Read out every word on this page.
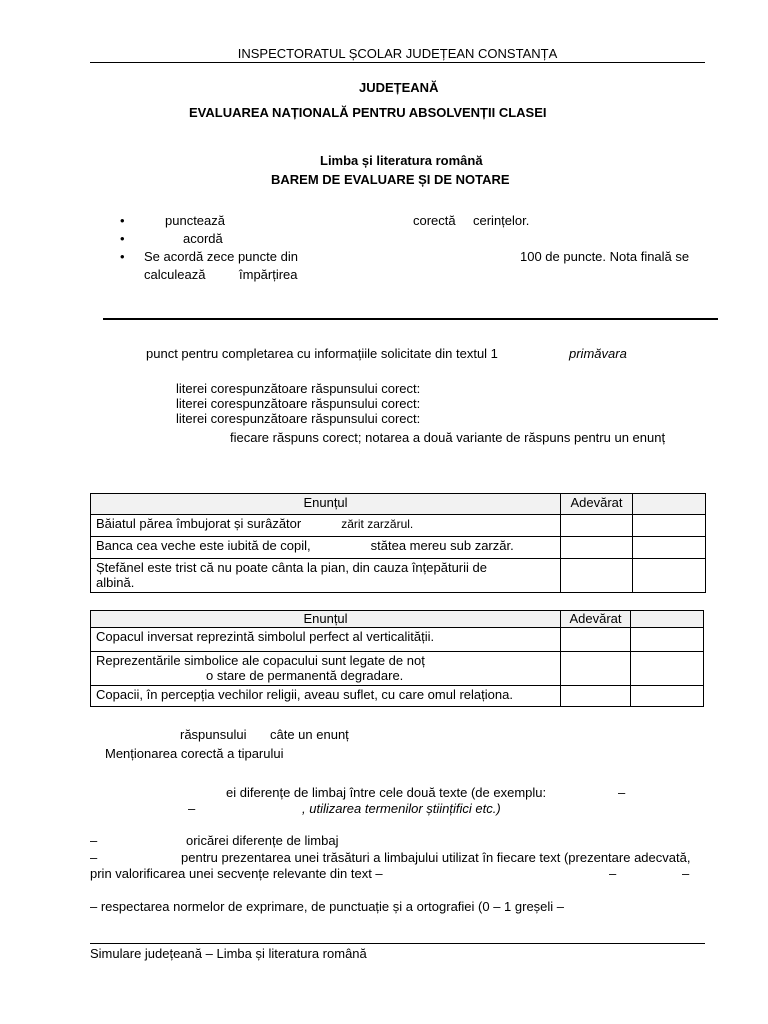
INSPECTORATUL ȘCOLAR JUDEȚEAN CONSTANȚA
JUDEȚEANĂ
EVALUAREA NAȚIONALĂ PENTRU ABSOLVENȚII CLASEI
Limba și literatura română
BAREM DE EVALUARE ȘI DE NOTARE
•	punctează	corectă cerințelor.
•	acordă
• Se acordă zece puncte din	100 de puncte. Nota finală se
calculează	împărțirea
punct pentru completarea cu informațiile solicitate din textul 1	primăvara
literei corespunzătoare răspunsului corect:
literei corespunzătoare răspunsului corect:
literei corespunzătoare răspunsului corect:
fiecare răspuns corect; notarea a două variante de răspuns pentru un enunț
Enunțul	Adevărat	
Băiatul părea îmbujorat și surâzător zărit zarzărul.		
Banca cea veche este iubită de copil, stătea mereu sub zarzăr.		

Ștefănel este trist că nu poate cânta la pian, din cauza înțepăturii de
albină.		

Enunțul	Adevărat	
Copacul inversat reprezintă simbolul perfect al verticalității.		

Reprezentările simbolice ale copacului sunt legate de noț
o stare de permanentă degradare.		

Copacii, în percepția vechilor religii, aveau suflet, cu care omul relaționa.		
răspunsului câte un enunț
Menționarea corectă a tiparului
ei diferențe de limbaj între cele două texte (de exemplu:	–
–	, utilizarea termenilor științifici etc.)
–	oricărei diferențe de limbaj
–	pentru prezentarea unei trăsături a limbajului utilizat în fiecare text (prezentare adecvată,
prin valorificarea unei secvențe relevante din text –	–	–
– respectarea normelor de exprimare, de punctuație și a ortografiei (0 – 1 greșeli –
Simulare județeană – Limba și literatura română
